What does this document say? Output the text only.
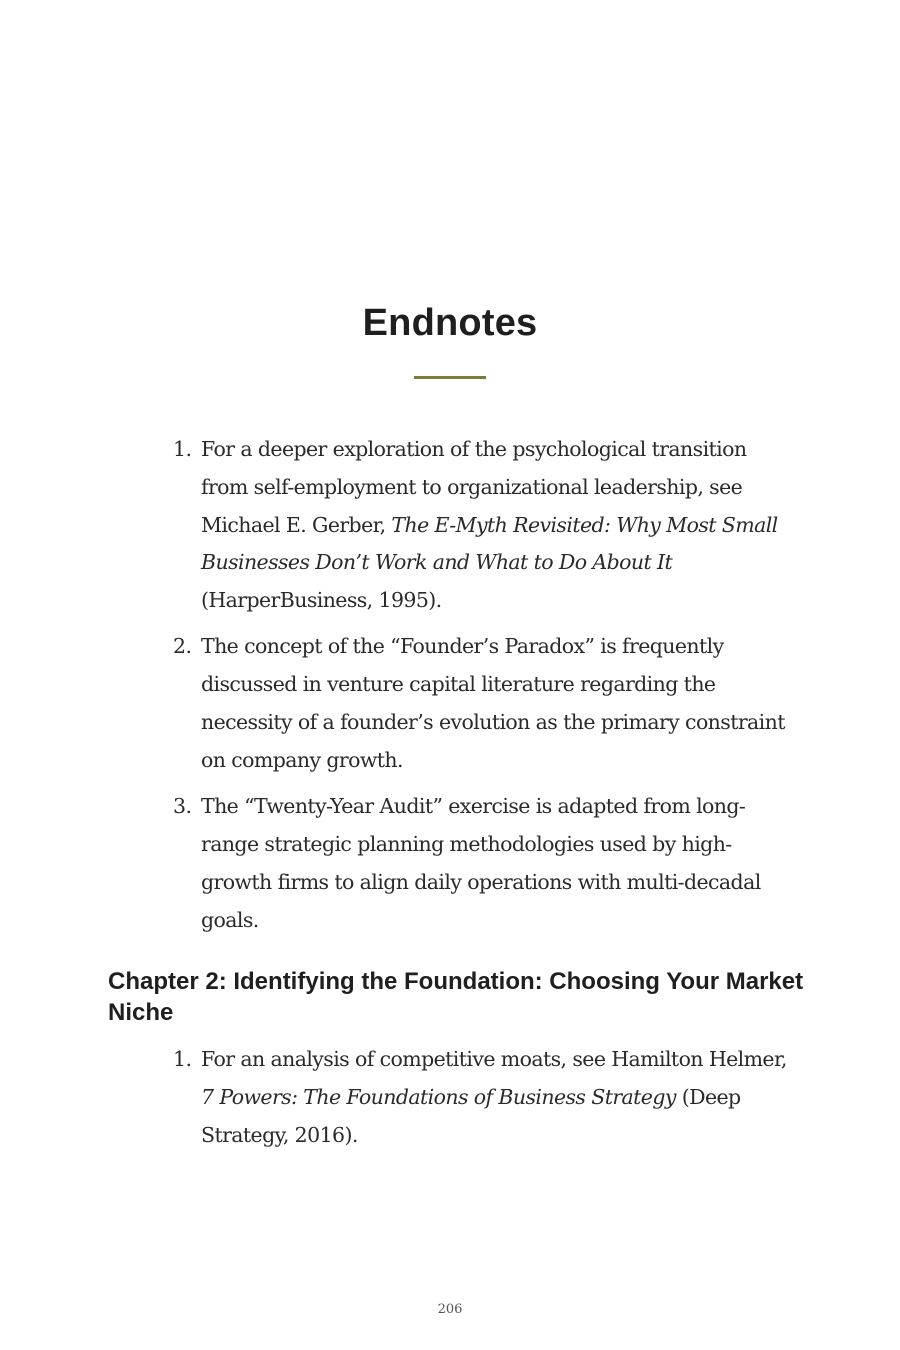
Endnotes
1. For a deeper exploration of the psychological transition from self-employment to organizational leadership, see Michael E. Gerber, The E-Myth Revisited: Why Most Small Businesses Don’t Work and What to Do About It (HarperBusiness, 1995).
2. The concept of the “Founder’s Paradox” is frequently discussed in venture capital literature regarding the necessity of a founder’s evolution as the primary constraint on company growth.
3. The “Twenty-Year Audit” exercise is adapted from long-range strategic planning methodologies used by high-growth firms to align daily operations with multi-decadal goals.
Chapter 2: Identifying the Foundation: Choosing Your Market Niche
1. For an analysis of competitive moats, see Hamilton Helmer, 7 Powers: The Foundations of Business Strategy (Deep Strategy, 2016).
206
